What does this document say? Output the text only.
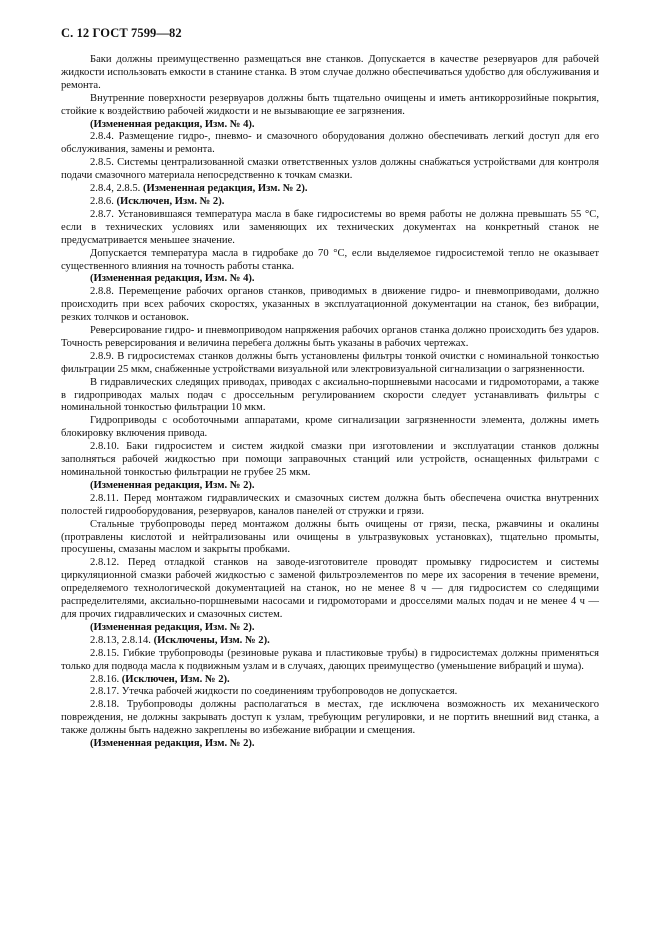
С. 12 ГОСТ 7599—82

Баки должны преимущественно размещаться вне станков. Допускается в качестве резервуаров для рабочей жидкости использовать емкости в станине станка. В этом случае должно обеспечиваться удобство для обслуживания и ремонта.

Внутренние поверхности резервуаров должны быть тщательно очищены и иметь антикоррозийные покрытия, стойкие к воздействию рабочей жидкости и не вызывающие ее загрязнения.

(Измененная редакция, Изм. № 4).

2.8.4. Размещение гидро-, пневмо- и смазочного оборудования должно обеспечивать легкий доступ для его обслуживания, замены и ремонта.

2.8.5. Системы централизованной смазки ответственных узлов должны снабжаться устройствами для контроля подачи смазочного материала непосредственно к точкам смазки.

2.8.4, 2.8.5. (Измененная редакция, Изм. № 2).

2.8.6. (Исключен, Изм. № 2).

2.8.7. Установившаяся температура масла в баке гидросистемы во время работы не должна превышать 55 °С, если в технических условиях или заменяющих их технических документах на конкретный станок не предусматривается меньшее значение.

Допускается температура масла в гидробаке до 70 °С, если выделяемое гидросистемой тепло не оказывает существенного влияния на точность работы станка.

(Измененная редакция, Изм. № 4).

2.8.8. Перемещение рабочих органов станков, приводимых в движение гидро- и пневмоприводами, должно происходить при всех рабочих скоростях, указанных в эксплуатационной документации на станок, без вибрации, резких толчков и остановок.

Реверсирование гидро- и пневмоприводом напряжения рабочих органов станка должно происходить без ударов. Точность реверсирования и величина перебега должны быть указаны в рабочих чертежах.

2.8.9. В гидросистемах станков должны быть установлены фильтры тонкой очистки с номинальной тонкостью фильтрации 25 мкм, снабженные устройствами визуальной или электровизуальной сигнализации о загрязненности.

В гидравлических следящих приводах, приводах с аксиально-поршневыми насосами и гидромоторами, а также в гидроприводах малых подач с дроссельным регулированием скорости следует устанавливать фильтры с номинальной тонкостью фильтрации 10 мкм.

Гидроприводы с особоточными аппаратами, кроме сигнализации загрязненности элемента, должны иметь блокировку включения привода.

2.8.10. Баки гидросистем и систем жидкой смазки при изготовлении и эксплуатации станков должны заполняться рабочей жидкостью при помощи заправочных станций или устройств, оснащенных фильтрами с номинальной тонкостью фильтрации не грубее 25 мкм.

(Измененная редакция, Изм. № 2).

2.8.11. Перед монтажом гидравлических и смазочных систем должна быть обеспечена очистка внутренних полостей гидрооборудования, резервуаров, каналов панелей от стружки и грязи.

Стальные трубопроводы перед монтажом должны быть очищены от грязи, песка, ржавчины и окалины (протравлены кислотой и нейтрализованы или очищены в ультразвуковых установках), тщательно промыты, просушены, смазаны маслом и закрыты пробками.

2.8.12. Перед отладкой станков на заводе-изготовителе проводят промывку гидросистем и системы циркуляционной смазки рабочей жидкостью с заменой фильтроэлементов по мере их засорения в течение времени, определяемого технологической документацией на станок, но не менее 8 ч — для гидросистем со следящими распределителями, аксиально-поршневыми насосами и гидромоторами и дросселями малых подач и не менее 4 ч — для прочих гидравлических и смазочных систем.

(Измененная редакция, Изм. № 2).

2.8.13, 2.8.14. (Исключены, Изм. № 2).

2.8.15. Гибкие трубопроводы (резиновые рукава и пластиковые трубы) в гидросистемах должны применяться только для подвода масла к подвижным узлам и в случаях, дающих преимущество (уменьшение вибраций и шума).

2.8.16. (Исключен, Изм. № 2).

2.8.17. Утечка рабочей жидкости по соединениям трубопроводов не допускается.

2.8.18. Трубопроводы должны располагаться в местах, где исключена возможность их механического повреждения, не должны закрывать доступ к узлам, требующим регулировки, и не портить внешний вид станка, а также должны быть надежно закреплены во избежание вибрации и смещения.

(Измененная редакция, Изм. № 2).
